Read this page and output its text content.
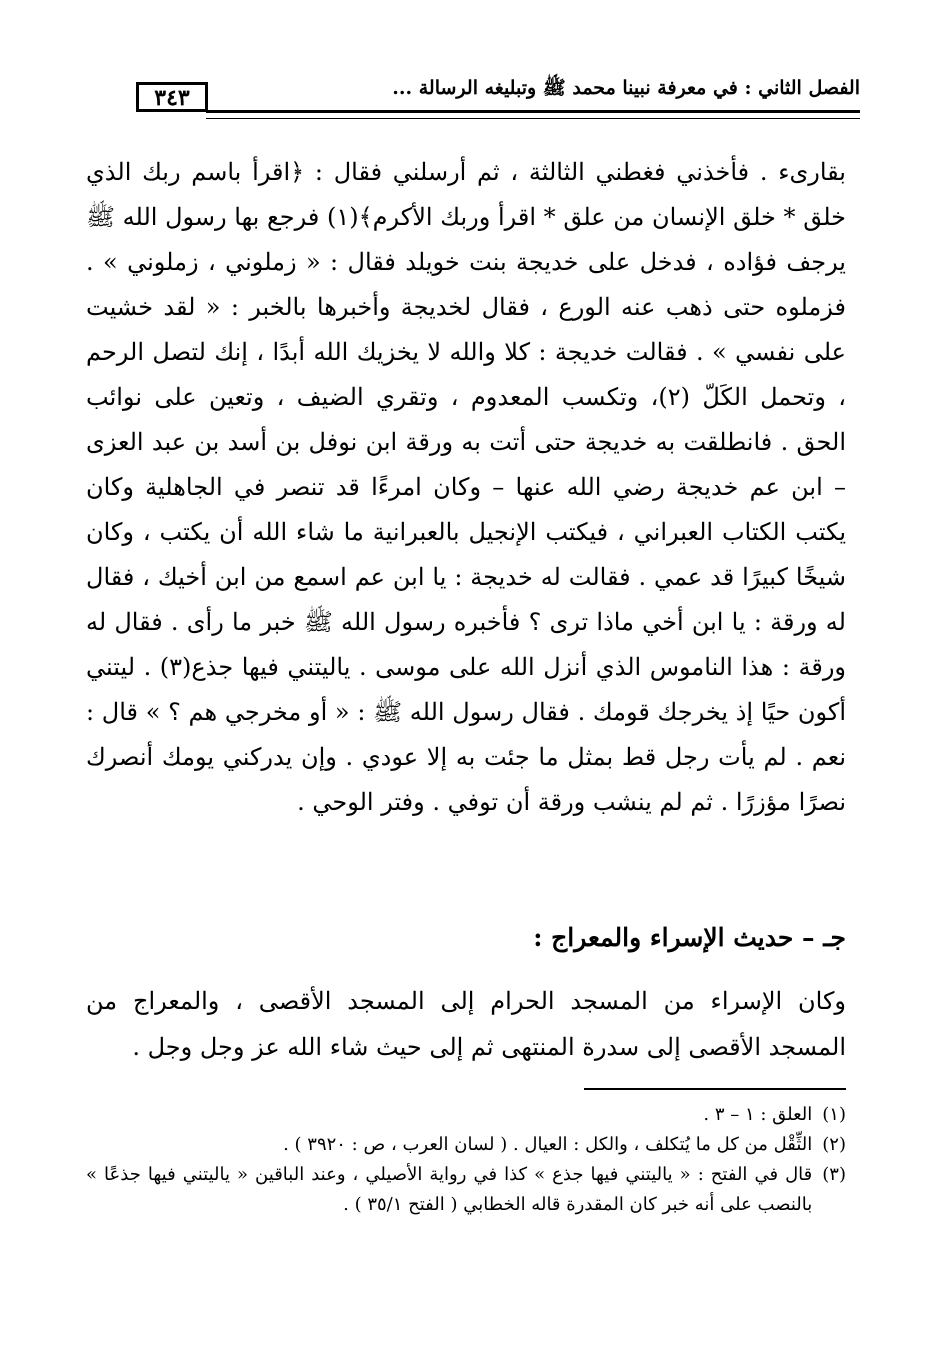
الفصل الثاني : في معرفة نبينا محمد ﷺ وتبليغه الرسالة ...
٣٤٣

بقارىء . فأخذني فغطني الثالثة ، ثم أرسلني فقال : ﴿اقرأ باسم ربك الذي خلق * خلق الإنسان من علق * اقرأ وربك الأكرم﴾(١) فرجع بها رسول الله ﷺ يرجف فؤاده ، فدخل على خديجة بنت خويلد فقال : « زملوني ، زملوني » . فزملوه حتى ذهب عنه الورع ، فقال لخديجة وأخبرها بالخبر : « لقد خشيت على نفسي » . فقالت خديجة : كلا والله لا يخزيك الله أبدًا ، إنك لتصل الرحم ، وتحمل الكَلّ (٢)، وتكسب المعدوم ، وتقري الضيف ، وتعين على نوائب الحق . فانطلقت به خديجة حتى أتت به ورقة ابن نوفل بن أسد بن عبد العزى – ابن عم خديجة رضي الله عنها – وكان امرءًا قد تنصر في الجاهلية وكان يكتب الكتاب العبراني ، فيكتب الإنجيل بالعبرانية ما شاء الله أن يكتب ، وكان شيخًا كبيرًا قد عمي . فقالت له خديجة : يا ابن عم اسمع من ابن أخيك ، فقال له ورقة : يا ابن أخي ماذا ترى ؟ فأخبره رسول الله ﷺ خبر ما رأى . فقال له ورقة : هذا الناموس الذي أنزل الله على موسى . ياليتني فيها جذع(٣) . ليتني أكون حيًا إذ يخرجك قومك . فقال رسول الله ﷺ : « أو مخرجي هم ؟ » قال : نعم . لم يأت رجل قط بمثل ما جئت به إلا عودي . وإن يدركني يومك أنصرك نصرًا مؤزرًا . ثم لم ينشب ورقة أن توفي . وفتر الوحي .

جـ – حديث الإسراء والمعراج :

وكان الإسراء من المسجد الحرام إلى المسجد الأقصى ، والمعراج من المسجد الأقصى إلى سدرة المنتهى ثم إلى حيث شاء الله عز وجل وجل .

(١)
العلق : ١ – ٣ .
(٢)
الثِّقْل من كل ما يُتكلف ، والكل : العيال . ( لسان العرب ، ص : ٣٩٢٠ ) .
(٣)
قال في الفتح : « ياليتني فيها جذع » كذا في رواية الأصيلي ، وعند الباقين « ياليتني فيها جذعًا » بالنصب على أنه خبر كان المقدرة قاله الخطابي ( الفتح ٣٥/١ ) .
